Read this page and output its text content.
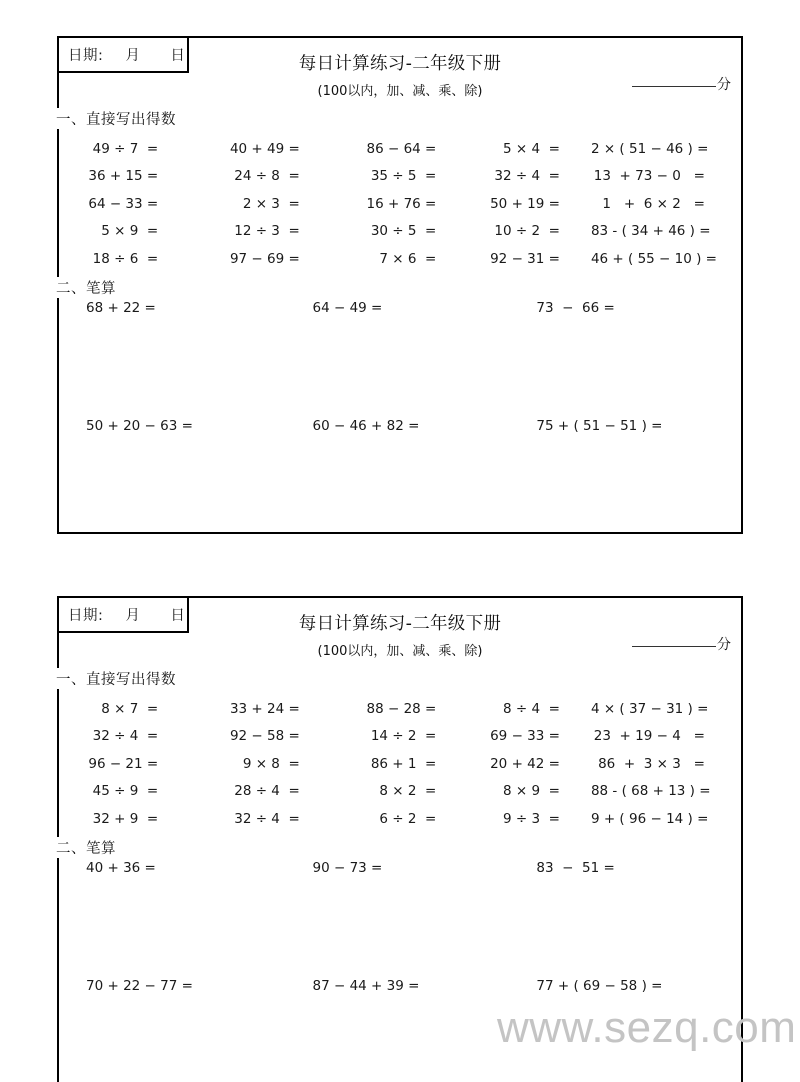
日期: 月 日	每日计算练习-二年级下册
(100以内，加、减、乘、除)	分
一、直接写出得数
49 ÷ 7  =	40 + 49 =	86 − 64 =	5 × 4  =	2 × ( 51 − 46 ) =
36 + 15 =	24 ÷ 8  =	35 ÷ 5  =	32 ÷ 4  =	13  + 73 − 0   =
64 − 33 =	2 × 3  =	16 + 76 =	50 + 19 =	1   +  6 × 2   =
5 × 9  =	12 ÷ 3  =	30 ÷ 5  =	10 ÷ 2  =	83 - ( 34 + 46 ) =
18 ÷ 6  =	97 − 69 =	7 × 6  =	92 − 31 =	46 + ( 55 − 10 ) =
二、笔算
68 + 22 =	64 − 49 =	73  −  66 =
50 + 20 − 63 =	60 − 46 + 82 =	75 + ( 51 − 51 ) =
日期: 月 日	每日计算练习-二年级下册
(100以内，加、减、乘、除)	分
一、直接写出得数
8 × 7  =	33 + 24 =	88 − 28 =	8 ÷ 4  =	4 × ( 37 − 31 ) =
32 ÷ 4  =	92 − 58 =	14 ÷ 2  =	69 − 33 =	23  + 19 − 4   =
96 − 21 =	9 × 8  =	86 + 1  =	20 + 42 =	86  +  3 × 3   =
45 ÷ 9  =	28 ÷ 4  =	8 × 2  =	8 × 9  =	88 - ( 68 + 13 ) =
32 + 9  =	32 ÷ 4  =	6 ÷ 2  =	9 ÷ 3  =	9 + ( 96 − 14 ) =
二、笔算
40 + 36 =	90 − 73 =	83  −  51 =
70 + 22 − 77 =	87 − 44 + 39 =	77 + ( 69 − 58 ) =
www.sezq.com
